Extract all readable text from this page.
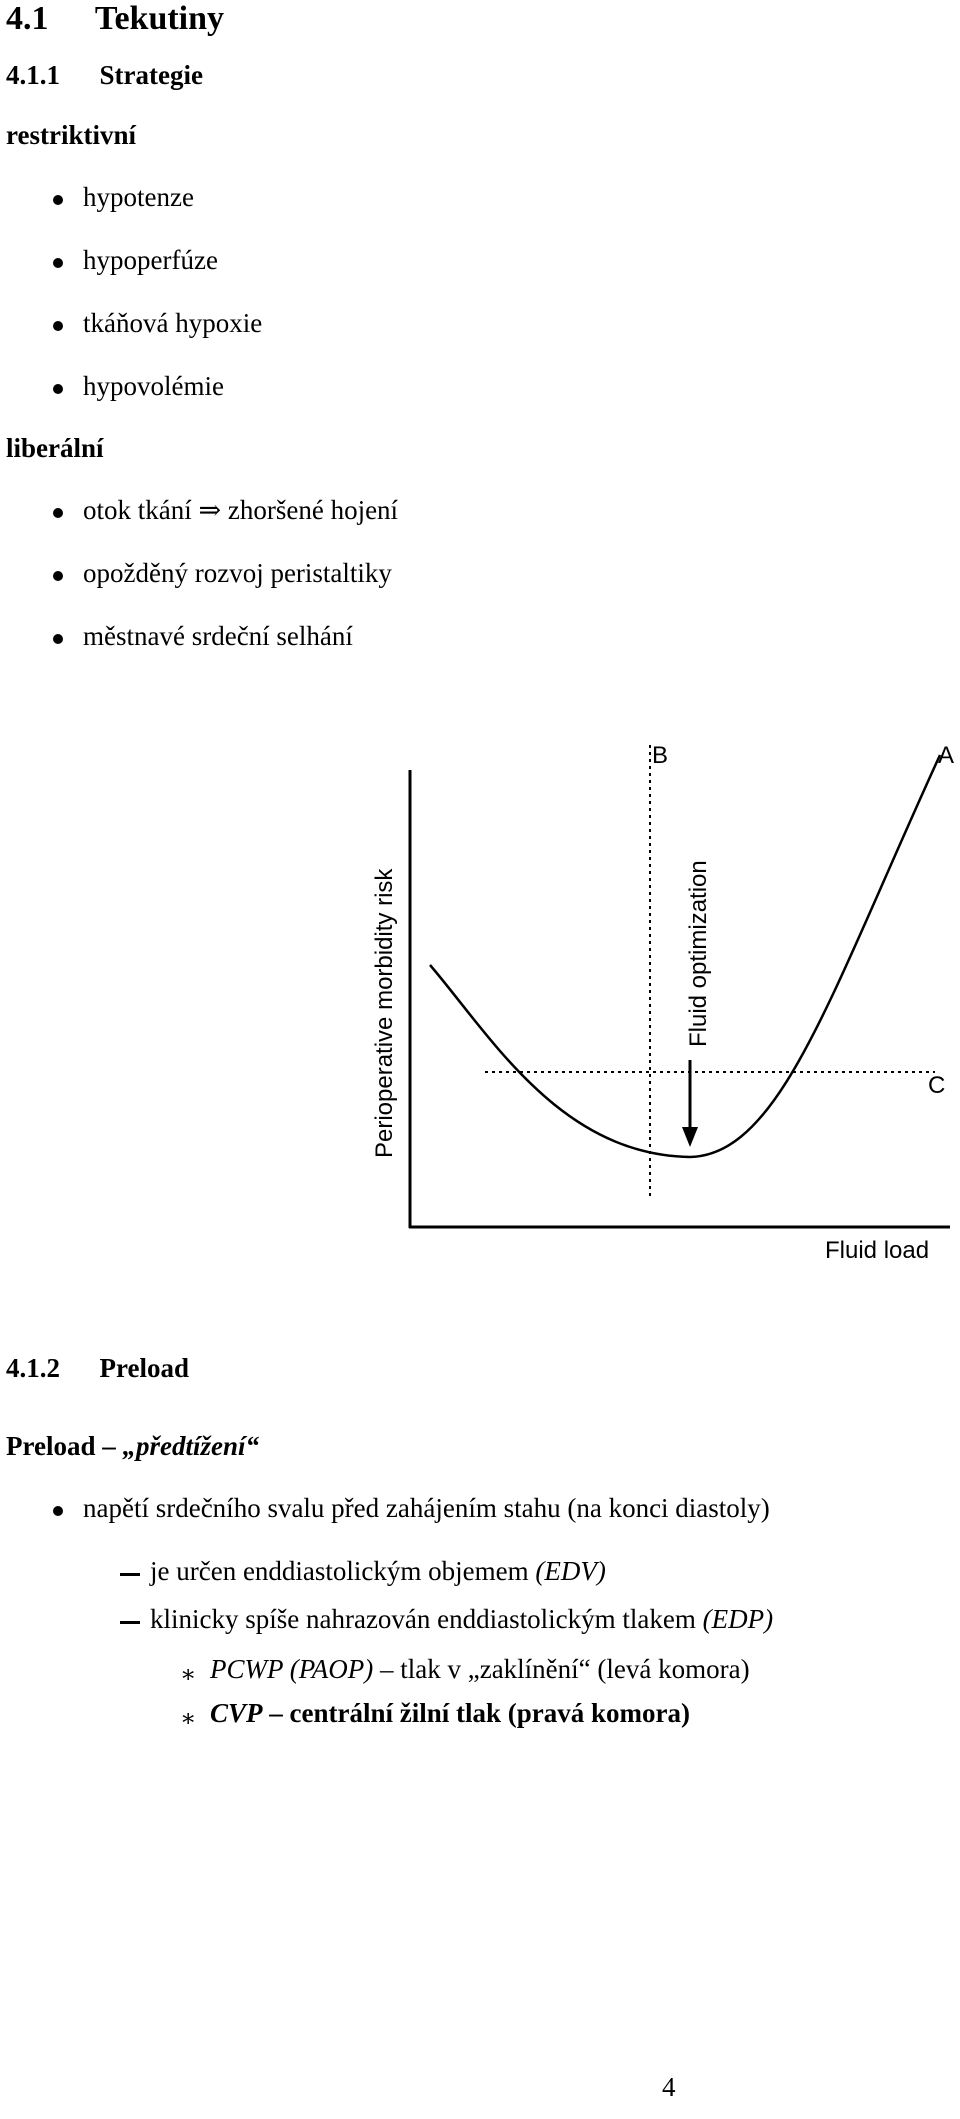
4.1 Tekutiny
4.1.1 Strategie
restriktivní
hypotenze
hypoperfúze
tkáňová hypoxie
hypovolémie
liberální
otok tkání ⇒ zhoršené hojení
opožděný rozvoj peristaltiky
městnavé srdeční selhání
B	A
C
Perioperative morbidity risk	Fluid optimization
Fluid load
4.1.2 Preload
Preload – „předtížení“
napětí srdečního svalu před zahájením stahu (na konci diastoly)
je určen enddiastolickým objemem (EDV)
klinicky spíše nahrazován enddiastolickým tlakem (EDP)
∗ PCWP (PAOP) – tlak v „zaklínění“ (levá komora)
∗ CVP – centrální žilní tlak (pravá komora)
4
